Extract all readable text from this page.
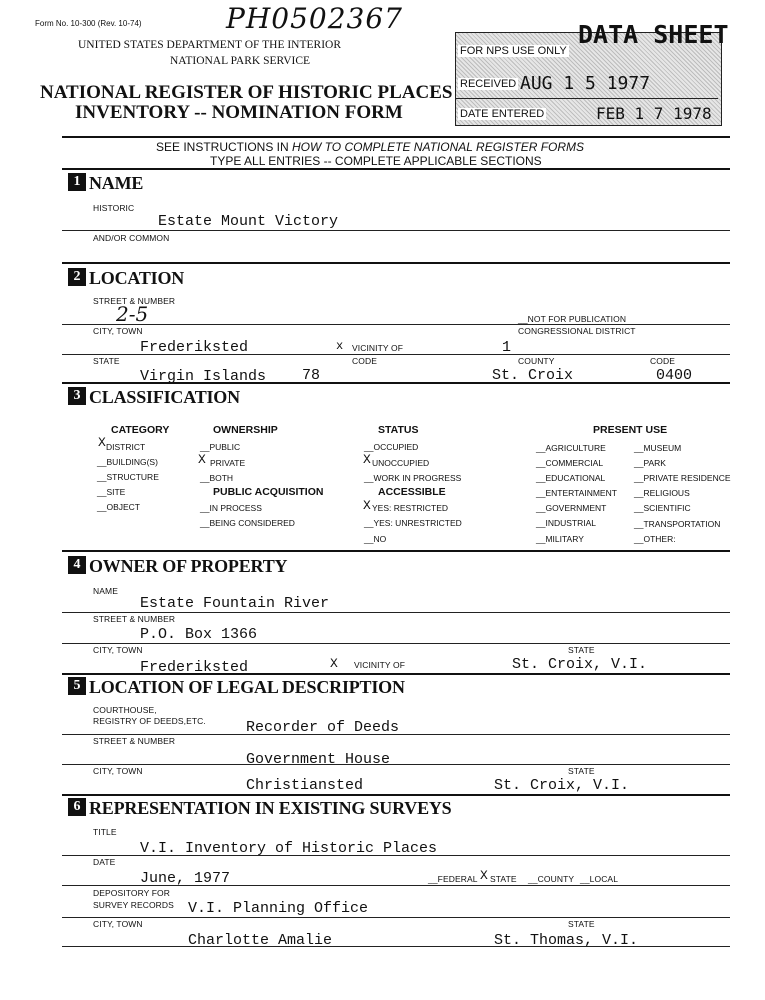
Form No. 10-300 (Rev. 10-74)	PH0502367
UNITED STATES DEPARTMENT OF THE INTERIOR
NATIONAL PARK SERVICE
NATIONAL REGISTER OF HISTORIC PLACES
INVENTORY -- NOMINATION FORM
FOR NPS USE ONLY
DATA SHEET
RECEIVED AUG 1 5 1977
DATE ENTERED	FEB 1 7 1978
SEE INSTRUCTIONS IN HOW TO COMPLETE NATIONAL REGISTER FORMS
TYPE ALL ENTRIES -- COMPLETE APPLICABLE SECTIONS
1 NAME
HISTORIC
Estate Mount Victory
AND/OR COMMON
2 LOCATION
STREET & NUMBER
2-5	__NOT FOR PUBLICATION
CITY, TOWN	CONGRESSIONAL DISTRICT
Frederiksted	x VICINITY OF	1
STATE	CODE	COUNTY	CODE
Virgin Islands 78	St. Croix	0400
3 CLASSIFICATION
CATEGORY	OWNERSHIP	STATUS	PRESENT USE
X DISTRICT
__BUILDING(S)
__STRUCTURE
__SITE
__OBJECT
__PUBLIC
X PRIVATE
__BOTH
PUBLIC ACQUISITION
__IN PROCESS
__BEING CONSIDERED
__OCCUPIED
X UNOCCUPIED
__WORK IN PROGRESS
ACCESSIBLE
X YES: RESTRICTED
__YES: UNRESTRICTED
__NO
__AGRICULTURE
__COMMERCIAL
__EDUCATIONAL
__ENTERTAINMENT
__GOVERNMENT
__INDUSTRIAL
__MILITARY
__MUSEUM
__PARK
__PRIVATE RESIDENCE
__RELIGIOUS
__SCIENTIFIC
__TRANSPORTATION
__OTHER:
4 OWNER OF PROPERTY
NAME
Estate Fountain River
STREET & NUMBER
P.O. Box 1366
CITY, TOWN	STATE
Frederiksted	X VICINITY OF	St. Croix, V.I.
5 LOCATION OF LEGAL DESCRIPTION
COURTHOUSE,
REGISTRY OF DEEDS,ETC.	Recorder of Deeds
STREET & NUMBER
Government House
CITY, TOWN	STATE
Christiansted	St. Croix, V.I.
6 REPRESENTATION IN EXISTING SURVEYS
TITLE
V.I. Inventory of Historic Places
DATE
June, 1977	__FEDERAL X STATE __COUNTY __LOCAL
DEPOSITORY FOR
SURVEY RECORDS V.I. Planning Office
CITY, TOWN	STATE
Charlotte Amalie	St. Thomas, V.I.
